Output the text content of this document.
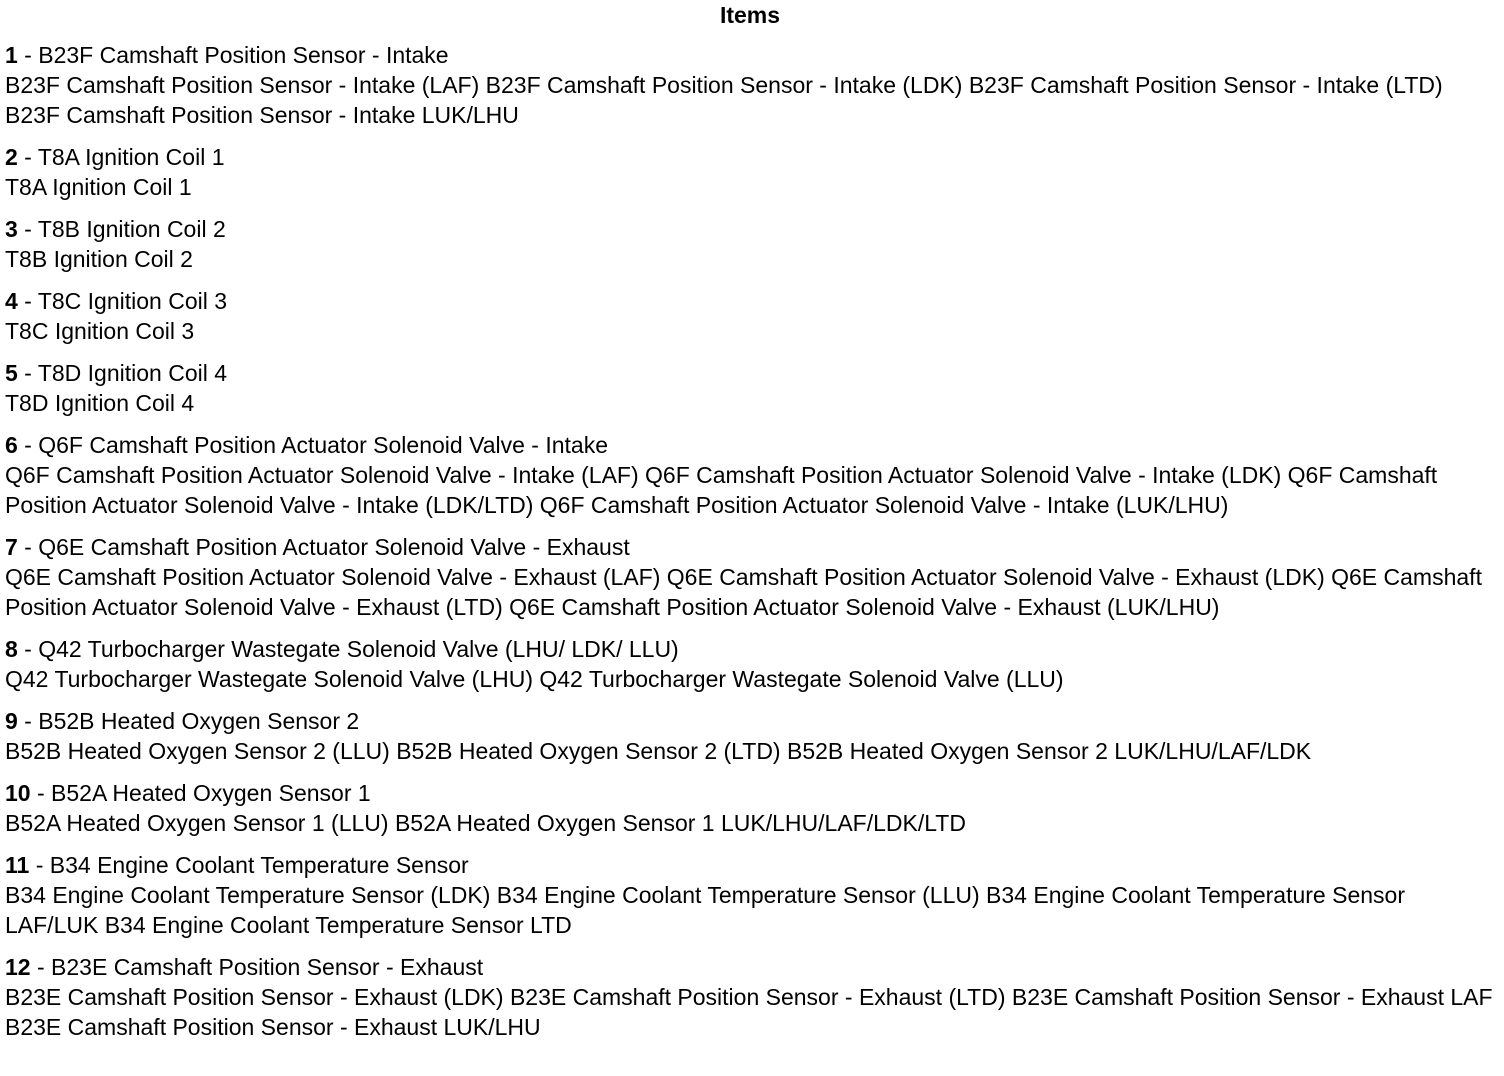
Items
1 - B23F Camshaft Position Sensor - Intake
B23F Camshaft Position Sensor - Intake (LAF) B23F Camshaft Position Sensor - Intake (LDK) B23F Camshaft Position Sensor - Intake (LTD) B23F Camshaft Position Sensor - Intake LUK/LHU
2 - T8A Ignition Coil 1
T8A Ignition Coil 1
3 - T8B Ignition Coil 2
T8B Ignition Coil 2
4 - T8C Ignition Coil 3
T8C Ignition Coil 3
5 - T8D Ignition Coil 4
T8D Ignition Coil 4
6 - Q6F Camshaft Position Actuator Solenoid Valve - Intake
Q6F Camshaft Position Actuator Solenoid Valve - Intake (LAF) Q6F Camshaft Position Actuator Solenoid Valve - Intake (LDK) Q6F Camshaft Position Actuator Solenoid Valve - Intake (LDK/LTD) Q6F Camshaft Position Actuator Solenoid Valve - Intake (LUK/LHU)
7 - Q6E Camshaft Position Actuator Solenoid Valve - Exhaust
Q6E Camshaft Position Actuator Solenoid Valve - Exhaust (LAF) Q6E Camshaft Position Actuator Solenoid Valve - Exhaust (LDK) Q6E Camshaft Position Actuator Solenoid Valve - Exhaust (LTD) Q6E Camshaft Position Actuator Solenoid Valve - Exhaust (LUK/LHU)
8 - Q42 Turbocharger Wastegate Solenoid Valve (LHU/ LDK/ LLU)
Q42 Turbocharger Wastegate Solenoid Valve (LHU) Q42 Turbocharger Wastegate Solenoid Valve (LLU)
9 - B52B Heated Oxygen Sensor 2
B52B Heated Oxygen Sensor 2 (LLU) B52B Heated Oxygen Sensor 2 (LTD) B52B Heated Oxygen Sensor 2 LUK/LHU/LAF/LDK
10 - B52A Heated Oxygen Sensor 1
B52A Heated Oxygen Sensor 1 (LLU) B52A Heated Oxygen Sensor 1 LUK/LHU/LAF/LDK/LTD
11 - B34 Engine Coolant Temperature Sensor
B34 Engine Coolant Temperature Sensor (LDK) B34 Engine Coolant Temperature Sensor (LLU) B34 Engine Coolant Temperature Sensor LAF/LUK B34 Engine Coolant Temperature Sensor LTD
12 - B23E Camshaft Position Sensor - Exhaust
B23E Camshaft Position Sensor - Exhaust (LDK) B23E Camshaft Position Sensor - Exhaust (LTD) B23E Camshaft Position Sensor - Exhaust LAF B23E Camshaft Position Sensor - Exhaust LUK/LHU
